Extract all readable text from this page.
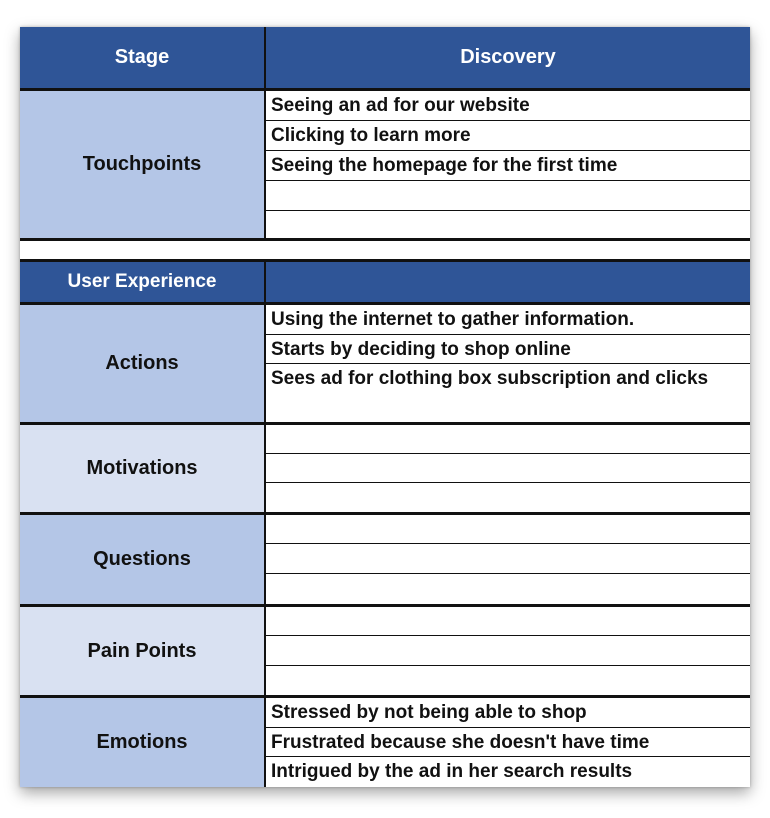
Stage	Discovery
Touchpoints
Seeing an ad for our website
Clicking to learn more
Seeing the homepage for the first time
User Experience
Actions
Using the internet to gather information.
Starts by deciding to shop online
Sees ad for clothing box subscription and clicks
Motivations
Questions
Pain Points
Emotions
Stressed by not being able to shop
Frustrated because she doesn't have time
Intrigued by the ad in her search results
